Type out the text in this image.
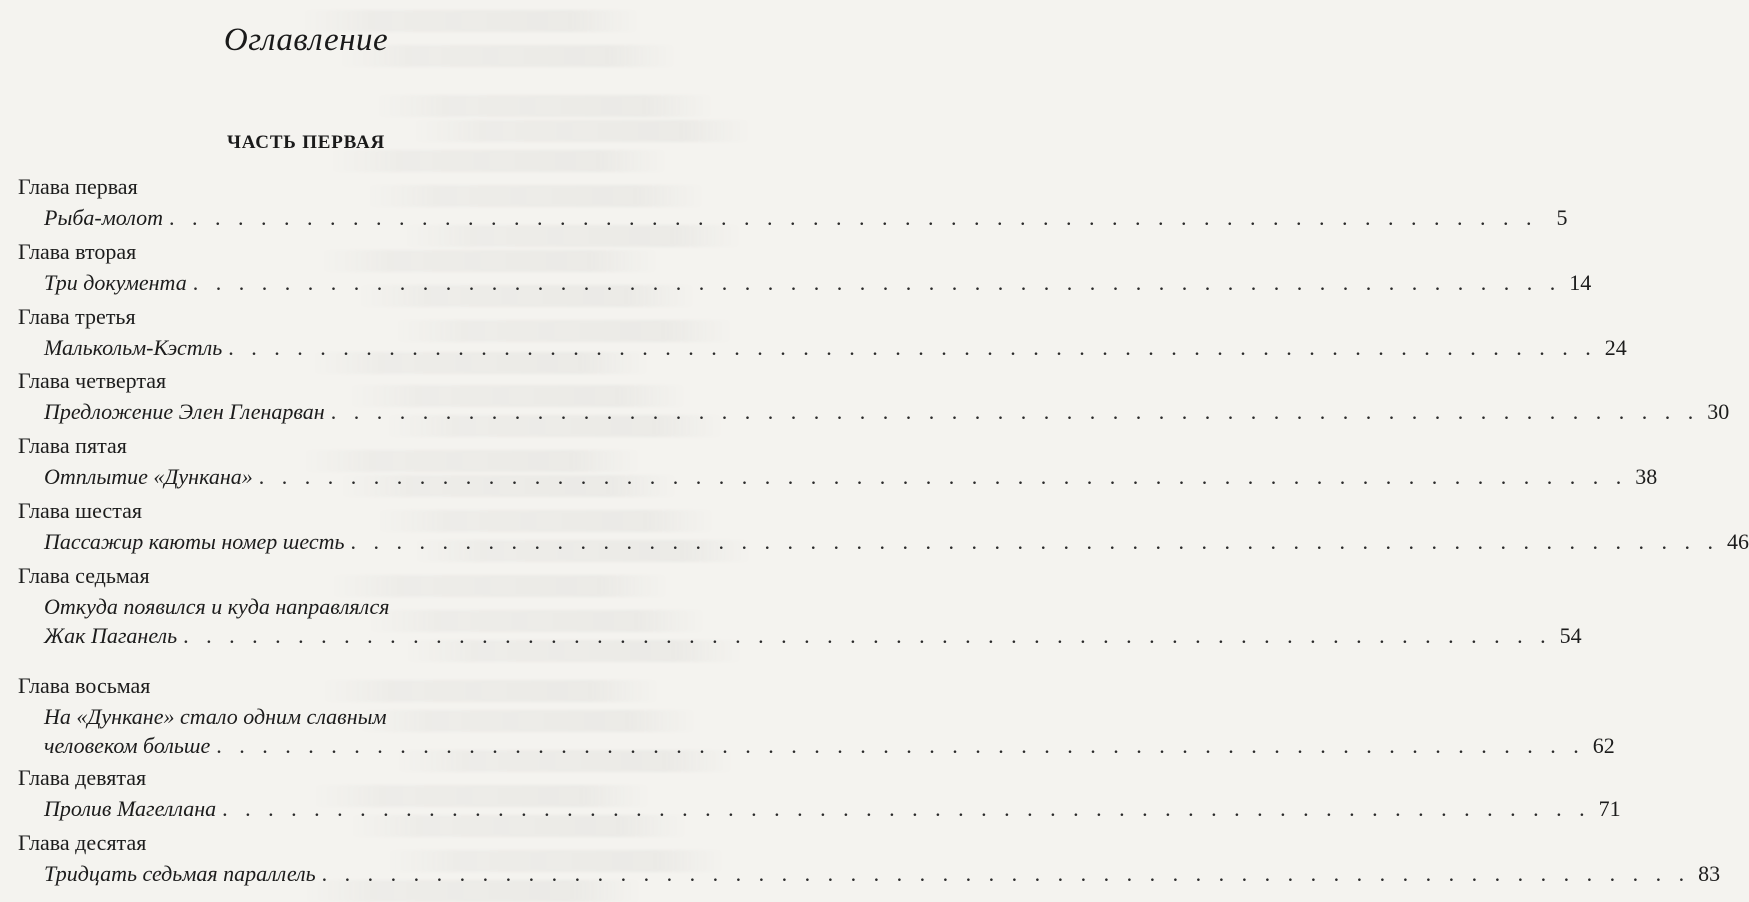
Оглавление
ЧАСТЬ ПЕРВАЯ
Глава первая
Рыба-молот . . . . . . . . . . . . . . . . . . . . . . . . . . . . . . . . . . . . . . . . . . . . . . . . . . . . . . . . . . . . 5
Глава вторая
Три документа . . . . . . . . . . . . . . . . . . . . . . . . . . . . . . . . . . . . . . . . . . . . . . . . . . . . . . . . . . . . 14
Глава третья
Малькольм-Кэстль . . . . . . . . . . . . . . . . . . . . . . . . . . . . . . . . . . . . . . . . . . . . . . . . . . . . . . . . . . . . 24
Глава четвертая
Предложение Элен Гленарван . . . . . . . . . . . . . . . . . . . . . . . . . . . . . . . . . . . . . . . . . . . . . . . . . . . . . . . . . . . . 30
Глава пятая
Отплытие «Дункана» . . . . . . . . . . . . . . . . . . . . . . . . . . . . . . . . . . . . . . . . . . . . . . . . . . . . . . . . . . . . 38
Глава шестая
Пассажир каюты номер шесть . . . . . . . . . . . . . . . . . . . . . . . . . . . . . . . . . . . . . . . . . . . . . . . . . . . . . . . . . . . . 46
Глава седьмая
Откуда появился и куда направлялся
Жак Паганель . . . . . . . . . . . . . . . . . . . . . . . . . . . . . . . . . . . . . . . . . . . . . . . . . . . . . . . . . . . . 54
Глава восьмая
На «Дункане» стало одним славным
человеком больше . . . . . . . . . . . . . . . . . . . . . . . . . . . . . . . . . . . . . . . . . . . . . . . . . . . . . . . . . . . . 62
Глава девятая
Пролив Магеллана . . . . . . . . . . . . . . . . . . . . . . . . . . . . . . . . . . . . . . . . . . . . . . . . . . . . . . . . . . . . 71
Глава десятая
Тридцать седьмая параллель . . . . . . . . . . . . . . . . . . . . . . . . . . . . . . . . . . . . . . . . . . . . . . . . . . . . . . . . . . . . 83
